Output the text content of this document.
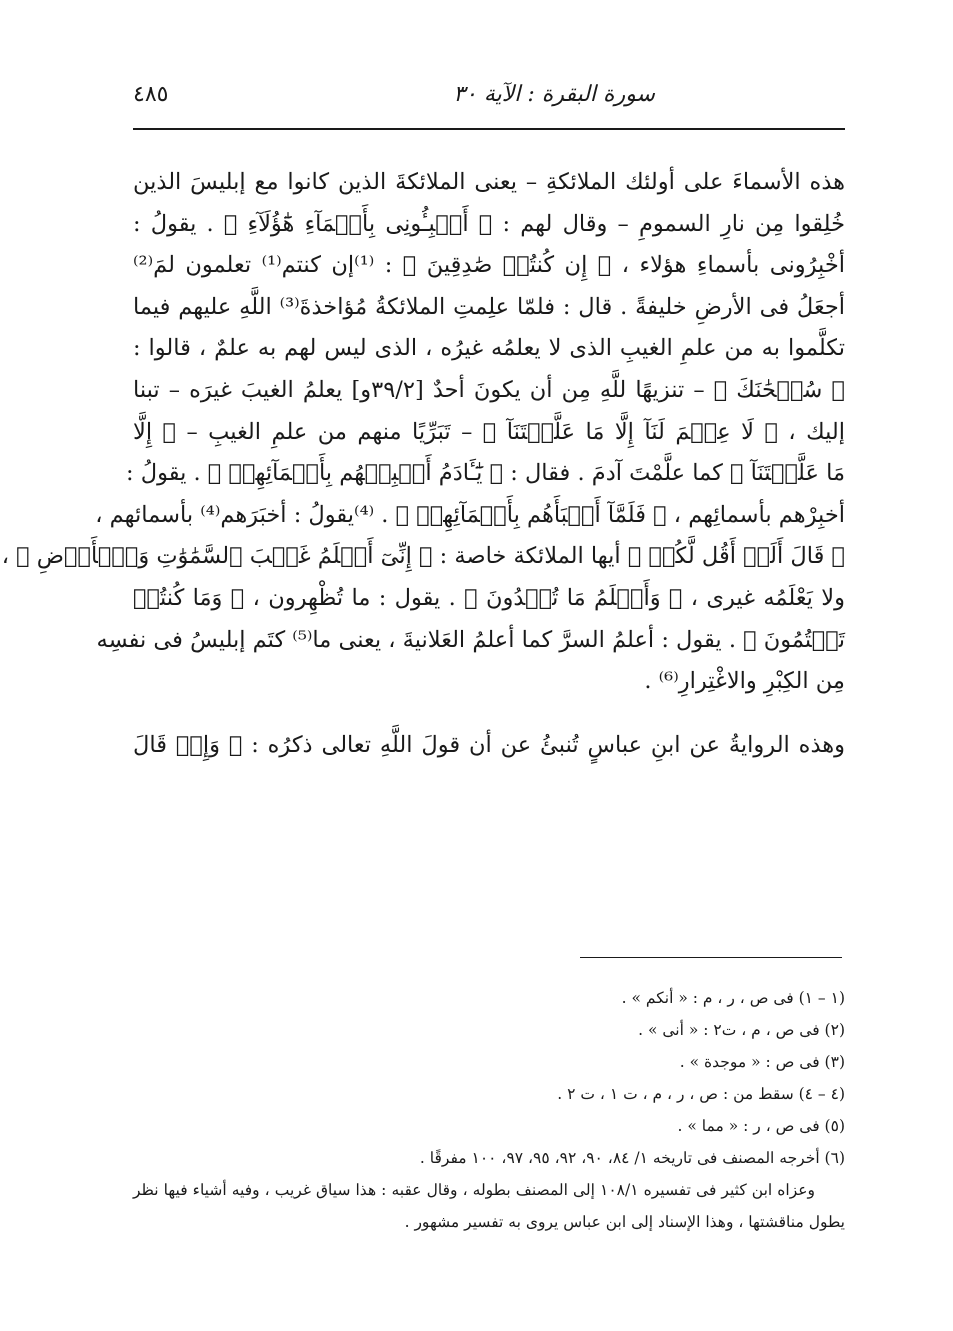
سورة البقرة : الآية ٣٠
٤٨٥

هذه الأسماءَ على أولئك الملائكةِ – يعنى الملائكةَ الذين كانوا مع إبليسَ الذين
خُلِقوا مِن نارِ السمومِ – وقال لهم : ﴿ أَنۢبِـُٔونِى بِأَسۡمَآءِ هَٰٓؤُلَآءِ ﴾ . يقولُ :
أخْبِرُونى بأسماءِ هؤلاء ، ﴿ إِن كُنتُمۡ صَٰدِقِينَ ﴾ : ⁽¹⁾إن كنتم⁽¹⁾ تعلمون لمَ⁽²⁾
أجعَلُ فى الأرضِ خليفةً . قال : فلمّا علِمتِ الملائكةُ مُؤاخذةَ⁽³⁾ اللَّهِ عليهم فيما
تكلَّموا به من علمِ الغيبِ الذى لا يعلمُه غيرُه ، الذى ليس لهم به علمٌ ، قالوا :
﴿ سُبۡحَٰنَكَ ﴾ – تنزيهًا للَّهِ مِن أن يكونَ أحدٌ [٣٩/٢و] يعلمُ الغيبَ غيرَه – تبنا
إليك ، ﴿ لَا عِلۡمَ لَنَآ إِلَّا مَا عَلَّمۡتَنَآ ﴾ – تَبَرِّيًا منهم من علمِ الغيبِ – ﴿ إِلَّا
مَا عَلَّمۡتَنَآ ﴾ كما علَّمْتَ آدمَ . فقال : ﴿ يَٰٓـَٔادَمُ أَنۢبِئۡهُم بِأَسۡمَآئِهِمۡ ﴾ . يقولُ :
أخبِرْهم بأسمائِهم ، ﴿ فَلَمَّآ أَنۢبَأَهُم بِأَسۡمَآئِهِمۡ ﴾ . ⁽⁴⁾يقولُ : أخبَرَهم⁽⁴⁾ بأسمائهم ،
﴿ قَالَ أَلَمۡ أَقُل لَّكُمۡ ﴾ أيها الملائكة خاصة : ﴿ إِنِّىٓ أَعۡلَمُ غَيۡبَ ٱلسَّمَٰوَٰتِ وَٱلۡأَرۡضِ ﴾ ،
ولا يَعْلَمُه غيرى ، ﴿ وَأَعۡلَمُ مَا تُبۡدُونَ ﴾ . يقول : ما تُظْهِرون ، ﴿ وَمَا كُنتُمۡ
تَكۡتُمُونَ ﴾ . يقول : أعلمُ السرَّ كما أعلمُ العَلانيةَ ، يعنى ما⁽⁵⁾ كتَم إبليسُ فى نفسِه
مِن الكِبْرِ والاغْتِرارِ⁽⁶⁾ .

وهذه الروايةُ عن ابنِ عباسٍ تُنبئُ عن أن قولَ اللَّهِ تعالى ذكرُه : ﴿ وَإِذۡ قَالَ

(١ – ١) فى ص ، ر ، م : « أنكم » .
(٢) فى ص ، م ، ت٢ : « أنى » .
(٣) فى ص : « موجدة » .
(٤ – ٤) سقط من : ص ، ر ، م ، ت ١ ، ت ٢ .
(٥) فى ص ، ر : « مما » .
(٦) أخرجه المصنف فى تاريخه ١/ ٨٤، ٩٠، ٩٢، ٩٥، ٩٧، ١٠٠ مفرقًا .
وعزاه ابن كثير فى تفسيره ١٠٨/١ إلى المصنف بطوله ، وقال عقبه : هذا سياق غريب ، وفيه أشياء فيها نظر
يطول مناقشتها ، وهذا الإسناد إلى ابن عباس يروى به تفسير مشهور .
